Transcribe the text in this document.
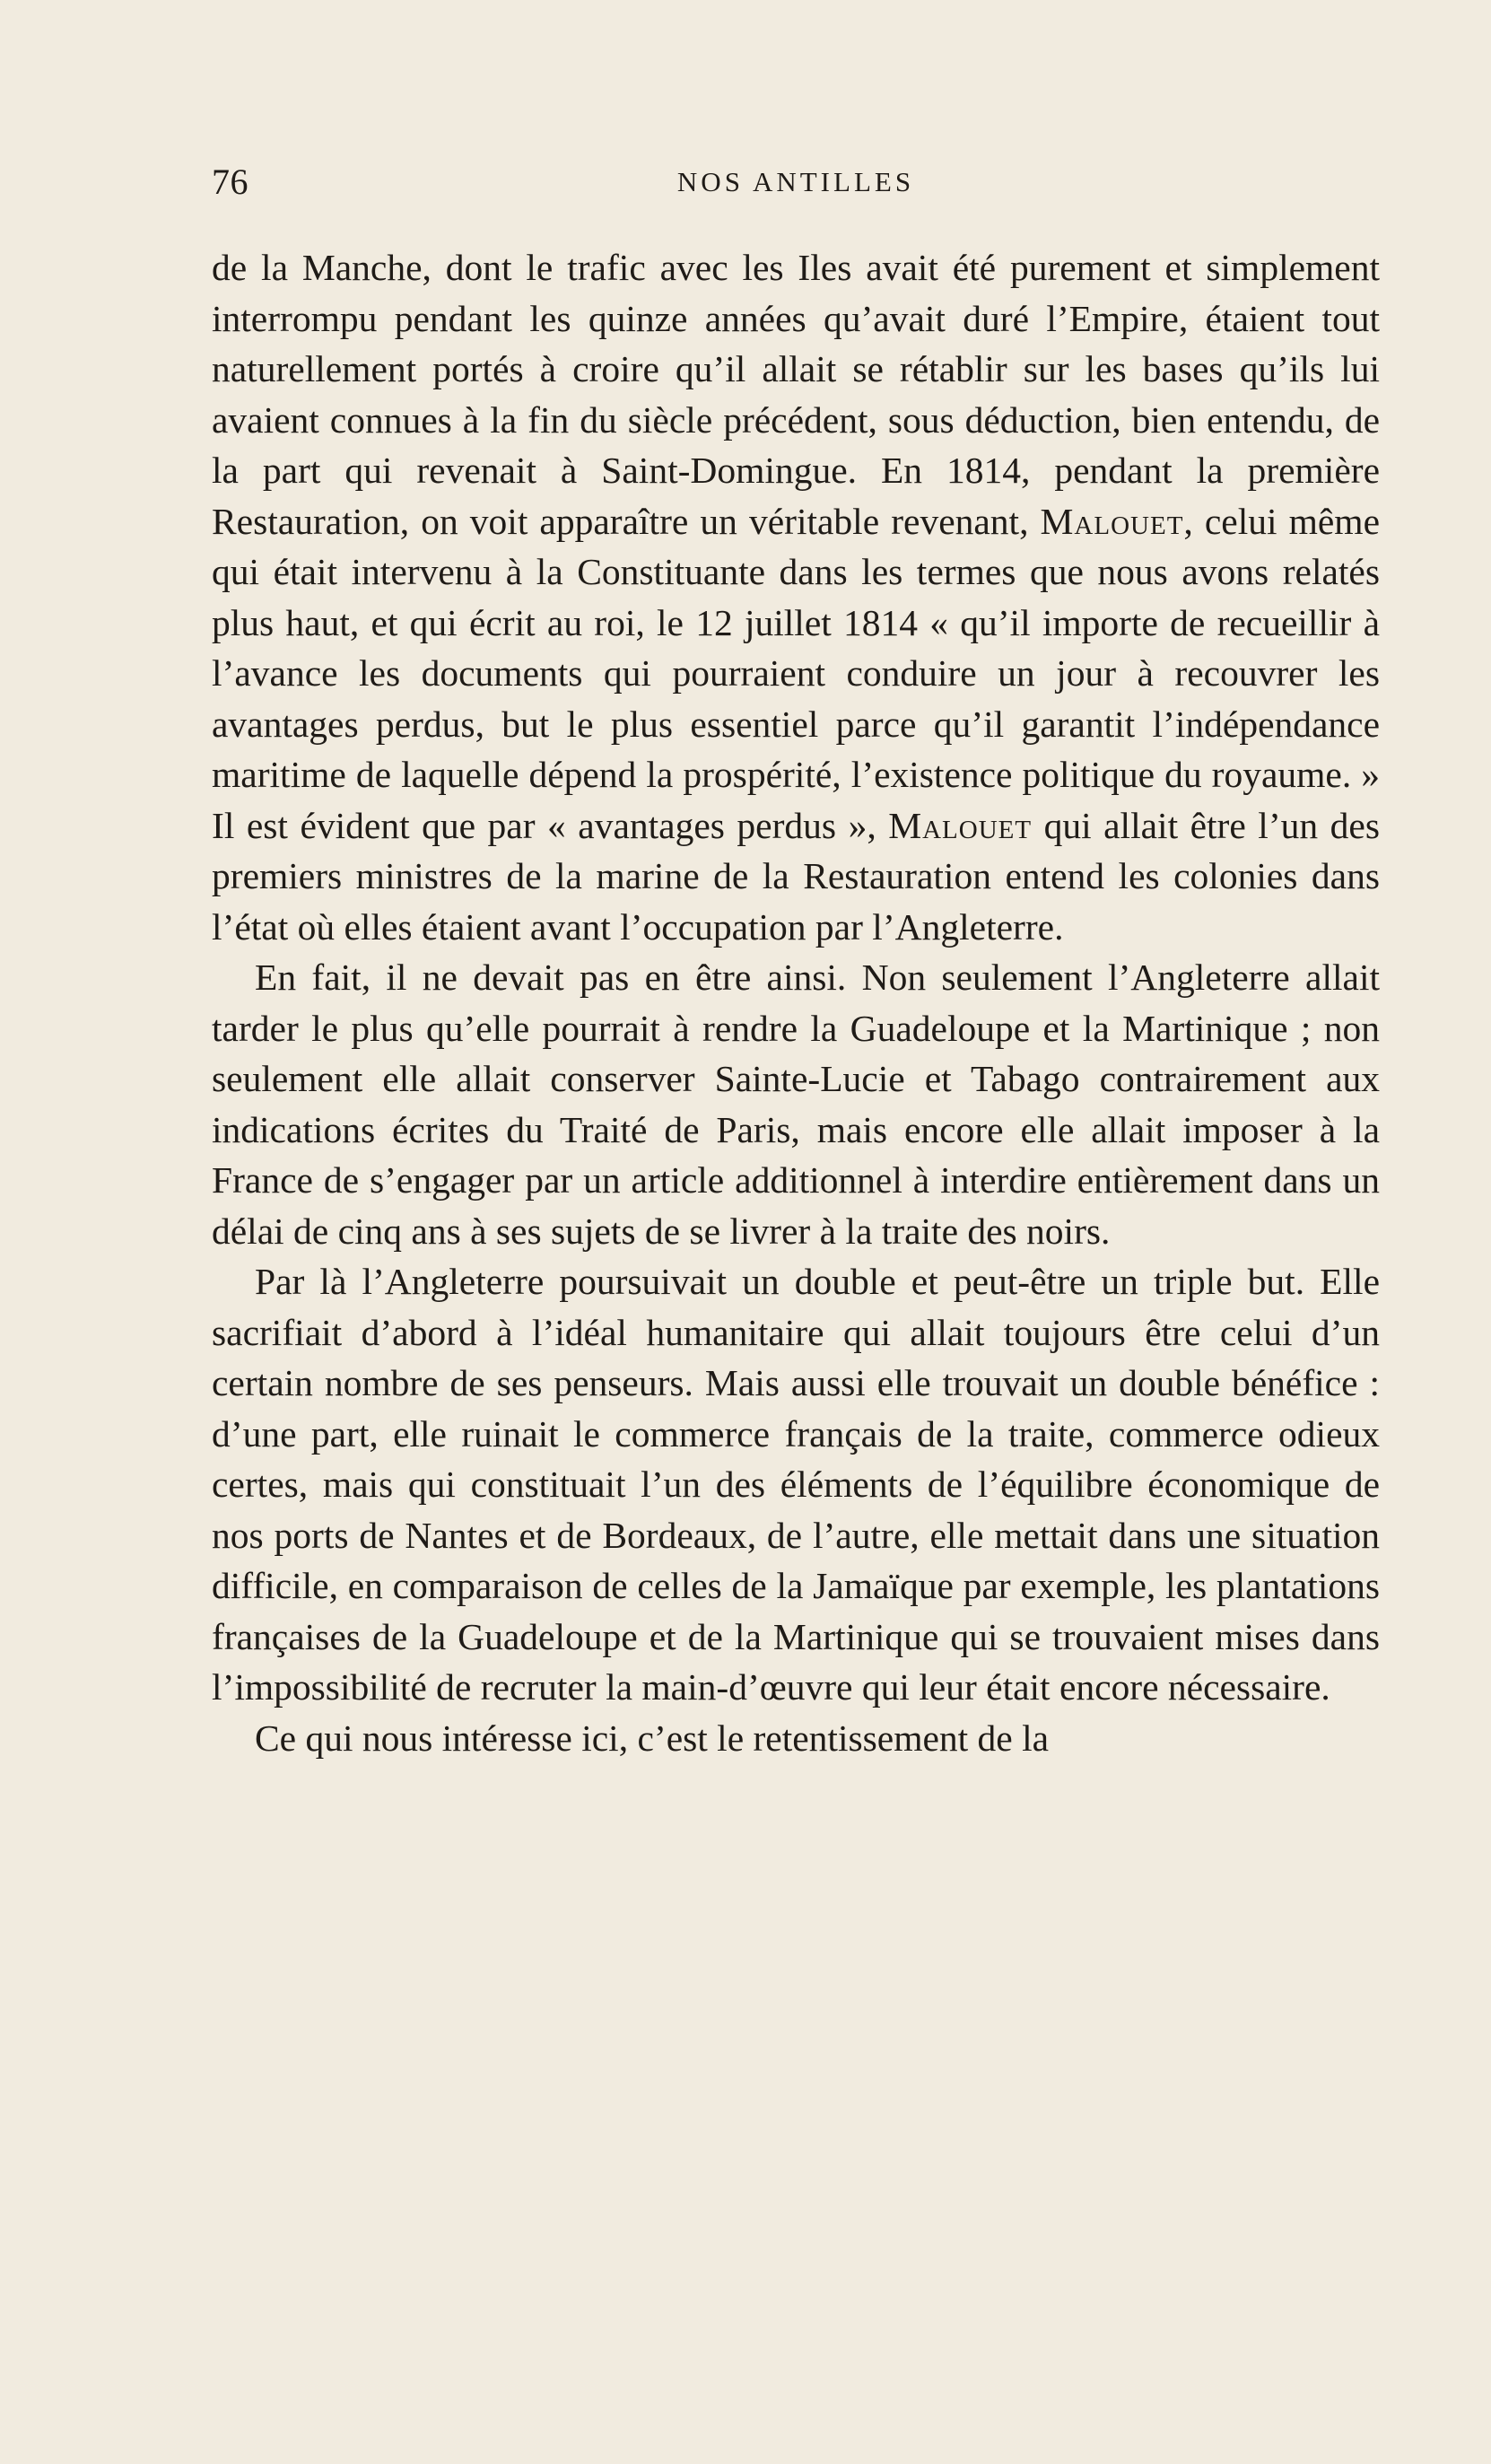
76	NOS ANTILLES

de la Manche, dont le trafic avec les Iles avait été purement et simplement interrompu pendant les quinze années qu’avait duré l’Empire, étaient tout naturellement portés à croire qu’il allait se rétablir sur les bases qu’ils lui avaient connues à la fin du siècle précédent, sous déduction, bien entendu, de la part qui revenait à Saint-Domingue. En 1814, pendant la première Restauration, on voit apparaître un véritable revenant, Malouet, celui même qui était intervenu à la Constituante dans les termes que nous avons relatés plus haut, et qui écrit au roi, le 12 juillet 1814 « qu’il importe de recueillir à l’avance les documents qui pourraient conduire un jour à recouvrer les avantages perdus, but le plus essentiel parce qu’il garantit l’indépendance maritime de laquelle dépend la prospérité, l’existence politique du royaume. » Il est évident que par « avantages perdus », Malouet qui allait être l’un des premiers ministres de la marine de la Restauration entend les colonies dans l’état où elles étaient avant l’occupation par l’Angleterre.

En fait, il ne devait pas en être ainsi. Non seulement l’Angleterre allait tarder le plus qu’elle pourrait à rendre la Guadeloupe et la Martinique ; non seulement elle allait conserver Sainte-Lucie et Tabago contrairement aux indications écrites du Traité de Paris, mais encore elle allait imposer à la France de s’engager par un article additionnel à interdire entièrement dans un délai de cinq ans à ses sujets de se livrer à la traite des noirs.

Par là l’Angleterre poursuivait un double et peut-être un triple but. Elle sacrifiait d’abord à l’idéal humanitaire qui allait toujours être celui d’un certain nombre de ses penseurs. Mais aussi elle trouvait un double bénéfice : d’une part, elle ruinait le commerce français de la traite, commerce odieux certes, mais qui constituait l’un des éléments de l’équilibre économique de nos ports de Nantes et de Bordeaux, de l’autre, elle mettait dans une situation difficile, en comparaison de celles de la Jamaïque par exemple, les plantations françaises de la Guadeloupe et de la Martinique qui se trouvaient mises dans l’impossibilité de recruter la main-d’œuvre qui leur était encore nécessaire.

Ce qui nous intéresse ici, c’est le retentissement de la
